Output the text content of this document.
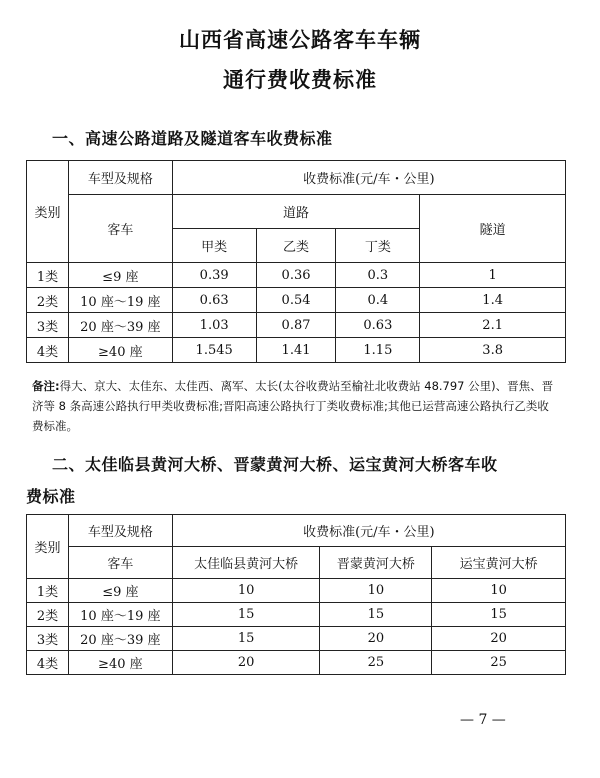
山西省高速公路客车车辆
通行费收费标准
一、高速公路道路及隧道客车收费标准
类别	车型及规格	收费标准(元/车・公里)			
	客车	道路			隧道
		甲类	乙类	丁类	
1类	≤9 座	0.39	0.36	0.3	1
2类	10 座～19 座	0.63	0.54	0.4	1.4
3类	20 座～39 座	1.03	0.87	0.63	2.1
4类	≥40 座	1.545	1.41	1.15	3.8
备注:得大、京大、太佳东、太佳西、离军、太长(太谷收费站至榆社北收费站 48.797 公里)、晋焦、晋济等 8 条高速公路执行甲类收费标准;晋阳高速公路执行丁类收费标准;其他已运营高速公路执行乙类收费标准。
二、太佳临县黄河大桥、晋蒙黄河大桥、运宝黄河大桥客车收
费标准
类别	车型及规格	收费标准(元/车・公里)		
	客车	太佳临县黄河大桥	晋蒙黄河大桥	运宝黄河大桥
1类	≤9 座	10	10	10
2类	10 座～19 座	15	15	15
3类	20 座～39 座	15	20	20
4类	≥40 座	20	25	25
— 7 —
